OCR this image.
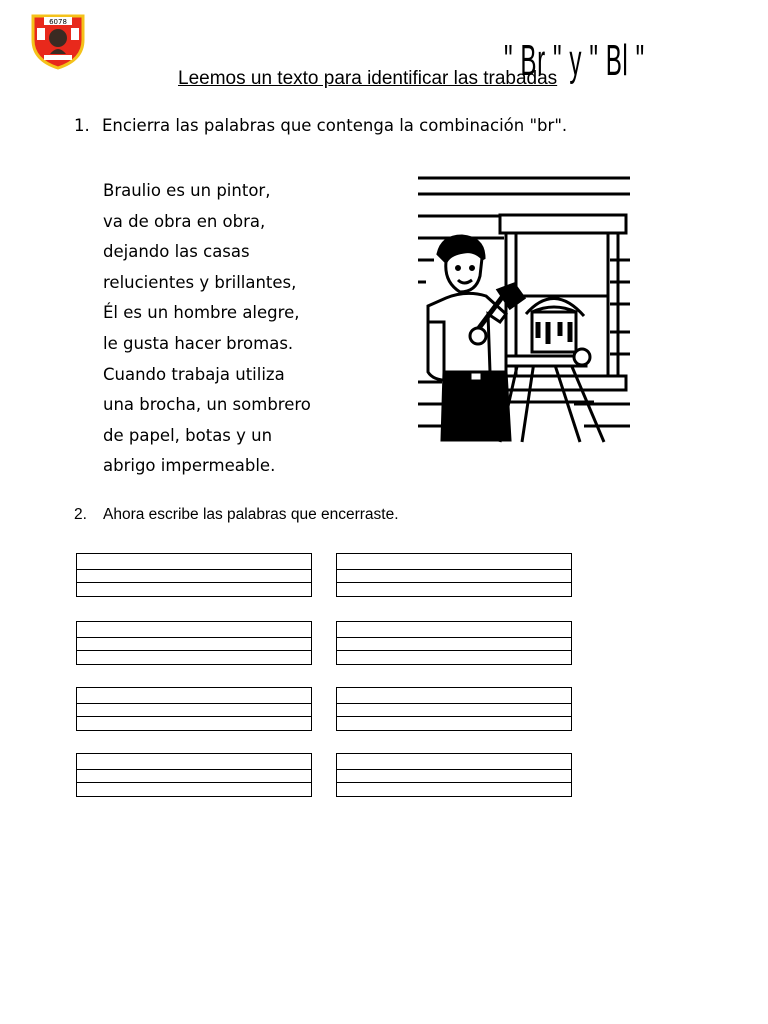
6078
" Br " y " Bl "
Leemos un texto para identificar las trabadas
1. Encierra las palabras que contenga la combinación "br".
Braulio es un pintor,
va de obra en obra,
dejando las casas
relucientes y brillantes,
Él es un hombre alegre,
le gusta hacer bromas.
Cuando trabaja utiliza
una brocha, un sombrero
de papel, botas y un
abrigo impermeable.
2. Ahora escribe las palabras que encerraste.
